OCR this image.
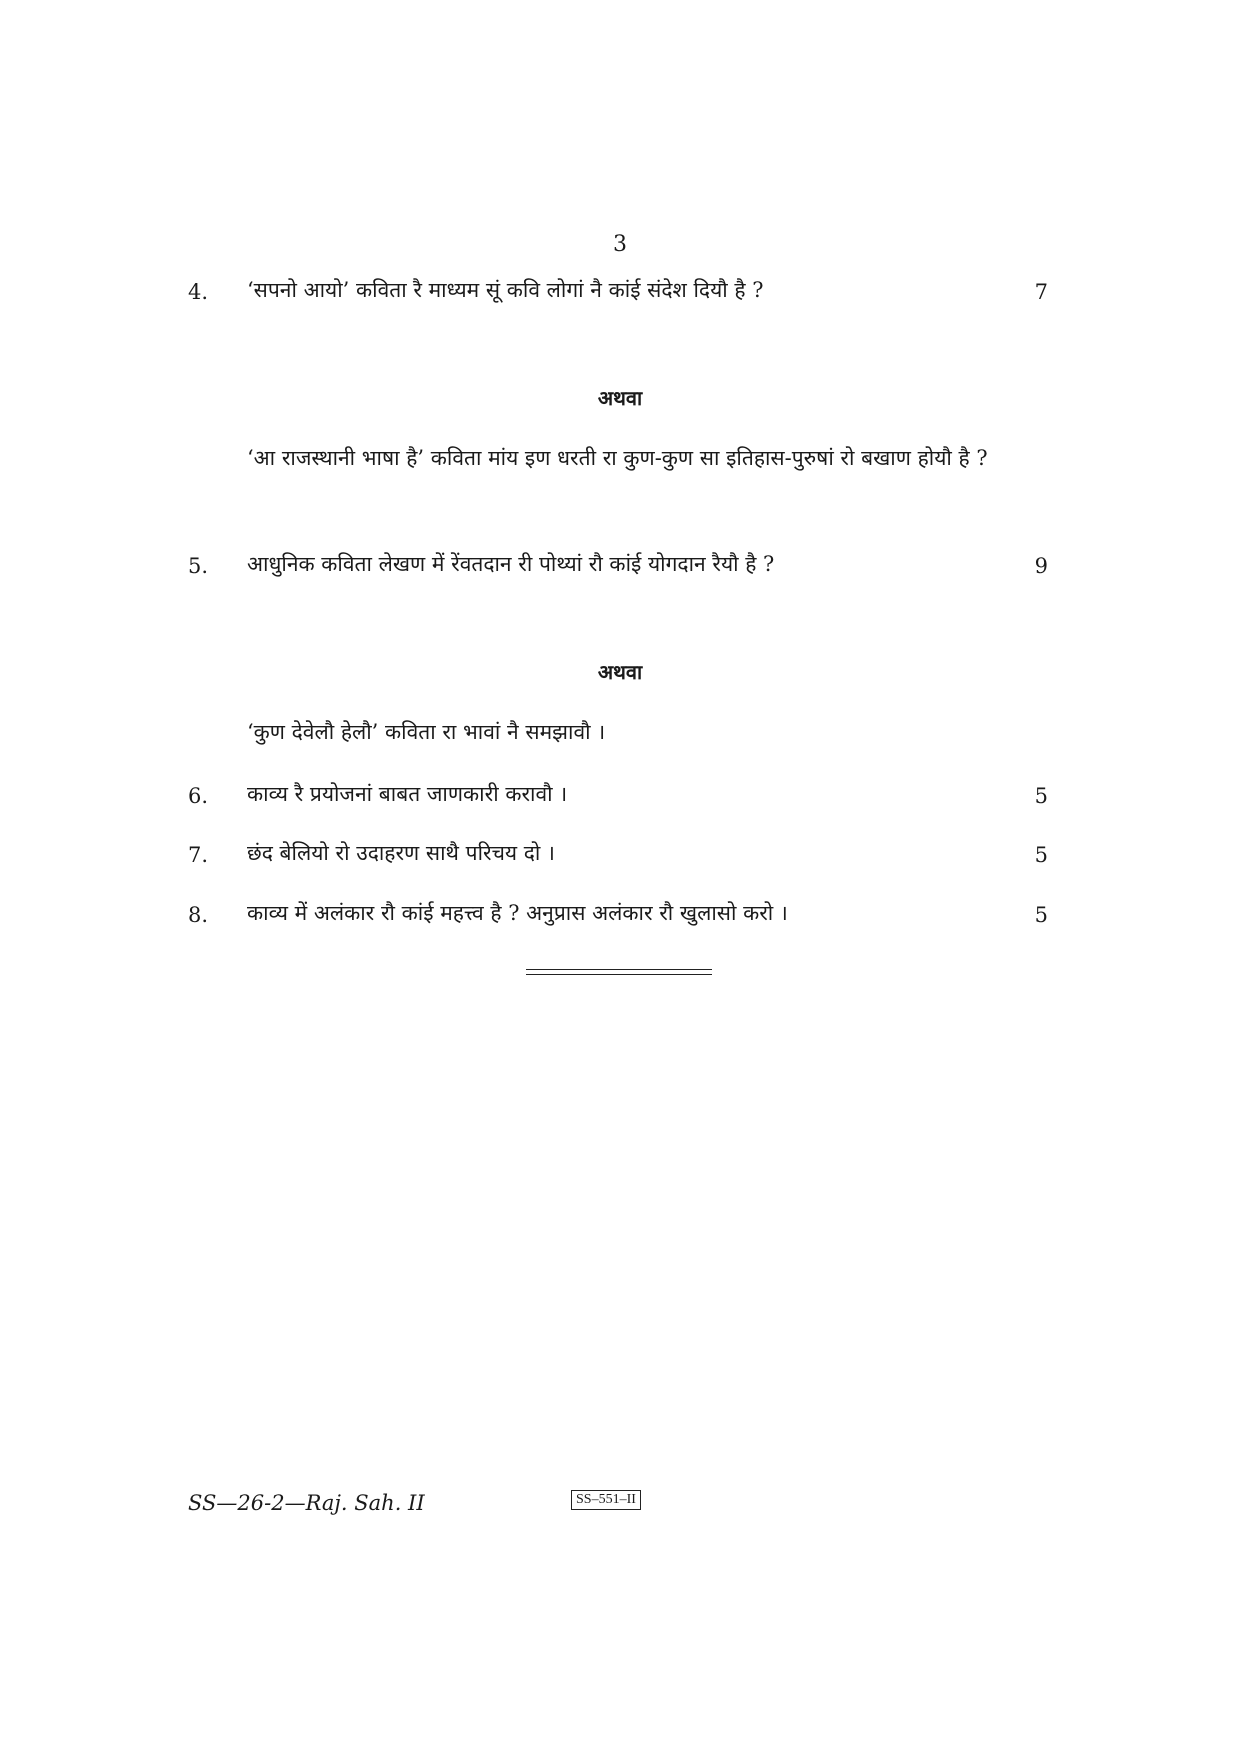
3
4. ‘सपनो आयो’ कविता रै माध्यम सूं कवि लोगां नै कांई संदेश दियौ है ?	7
अथवा
‘आ राजस्थानी भाषा है’ कविता मांय इण धरती रा कुण-कुण सा इतिहास-पुरुषां रो बखाण होयौ है ?
5. आधुनिक कविता लेखण में रेंवतदान री पोथ्यां रौ कांई योगदान रैयौ है ?	9
अथवा
‘कुण देवेलौ हेलौ’ कविता रा भावां नै समझावौ ।
6. काव्य रै प्रयोजनां बाबत जाणकारी करावौ ।	5
7. छंद बेलियो रो उदाहरण साथै परिचय दो ।	5
8. काव्य में अलंकार रौ कांई महत्त्व है ? अनुप्रास अलंकार रौ खुलासो करो ।	5
SS—26-2—Raj. Sah. II	SS–551–II
